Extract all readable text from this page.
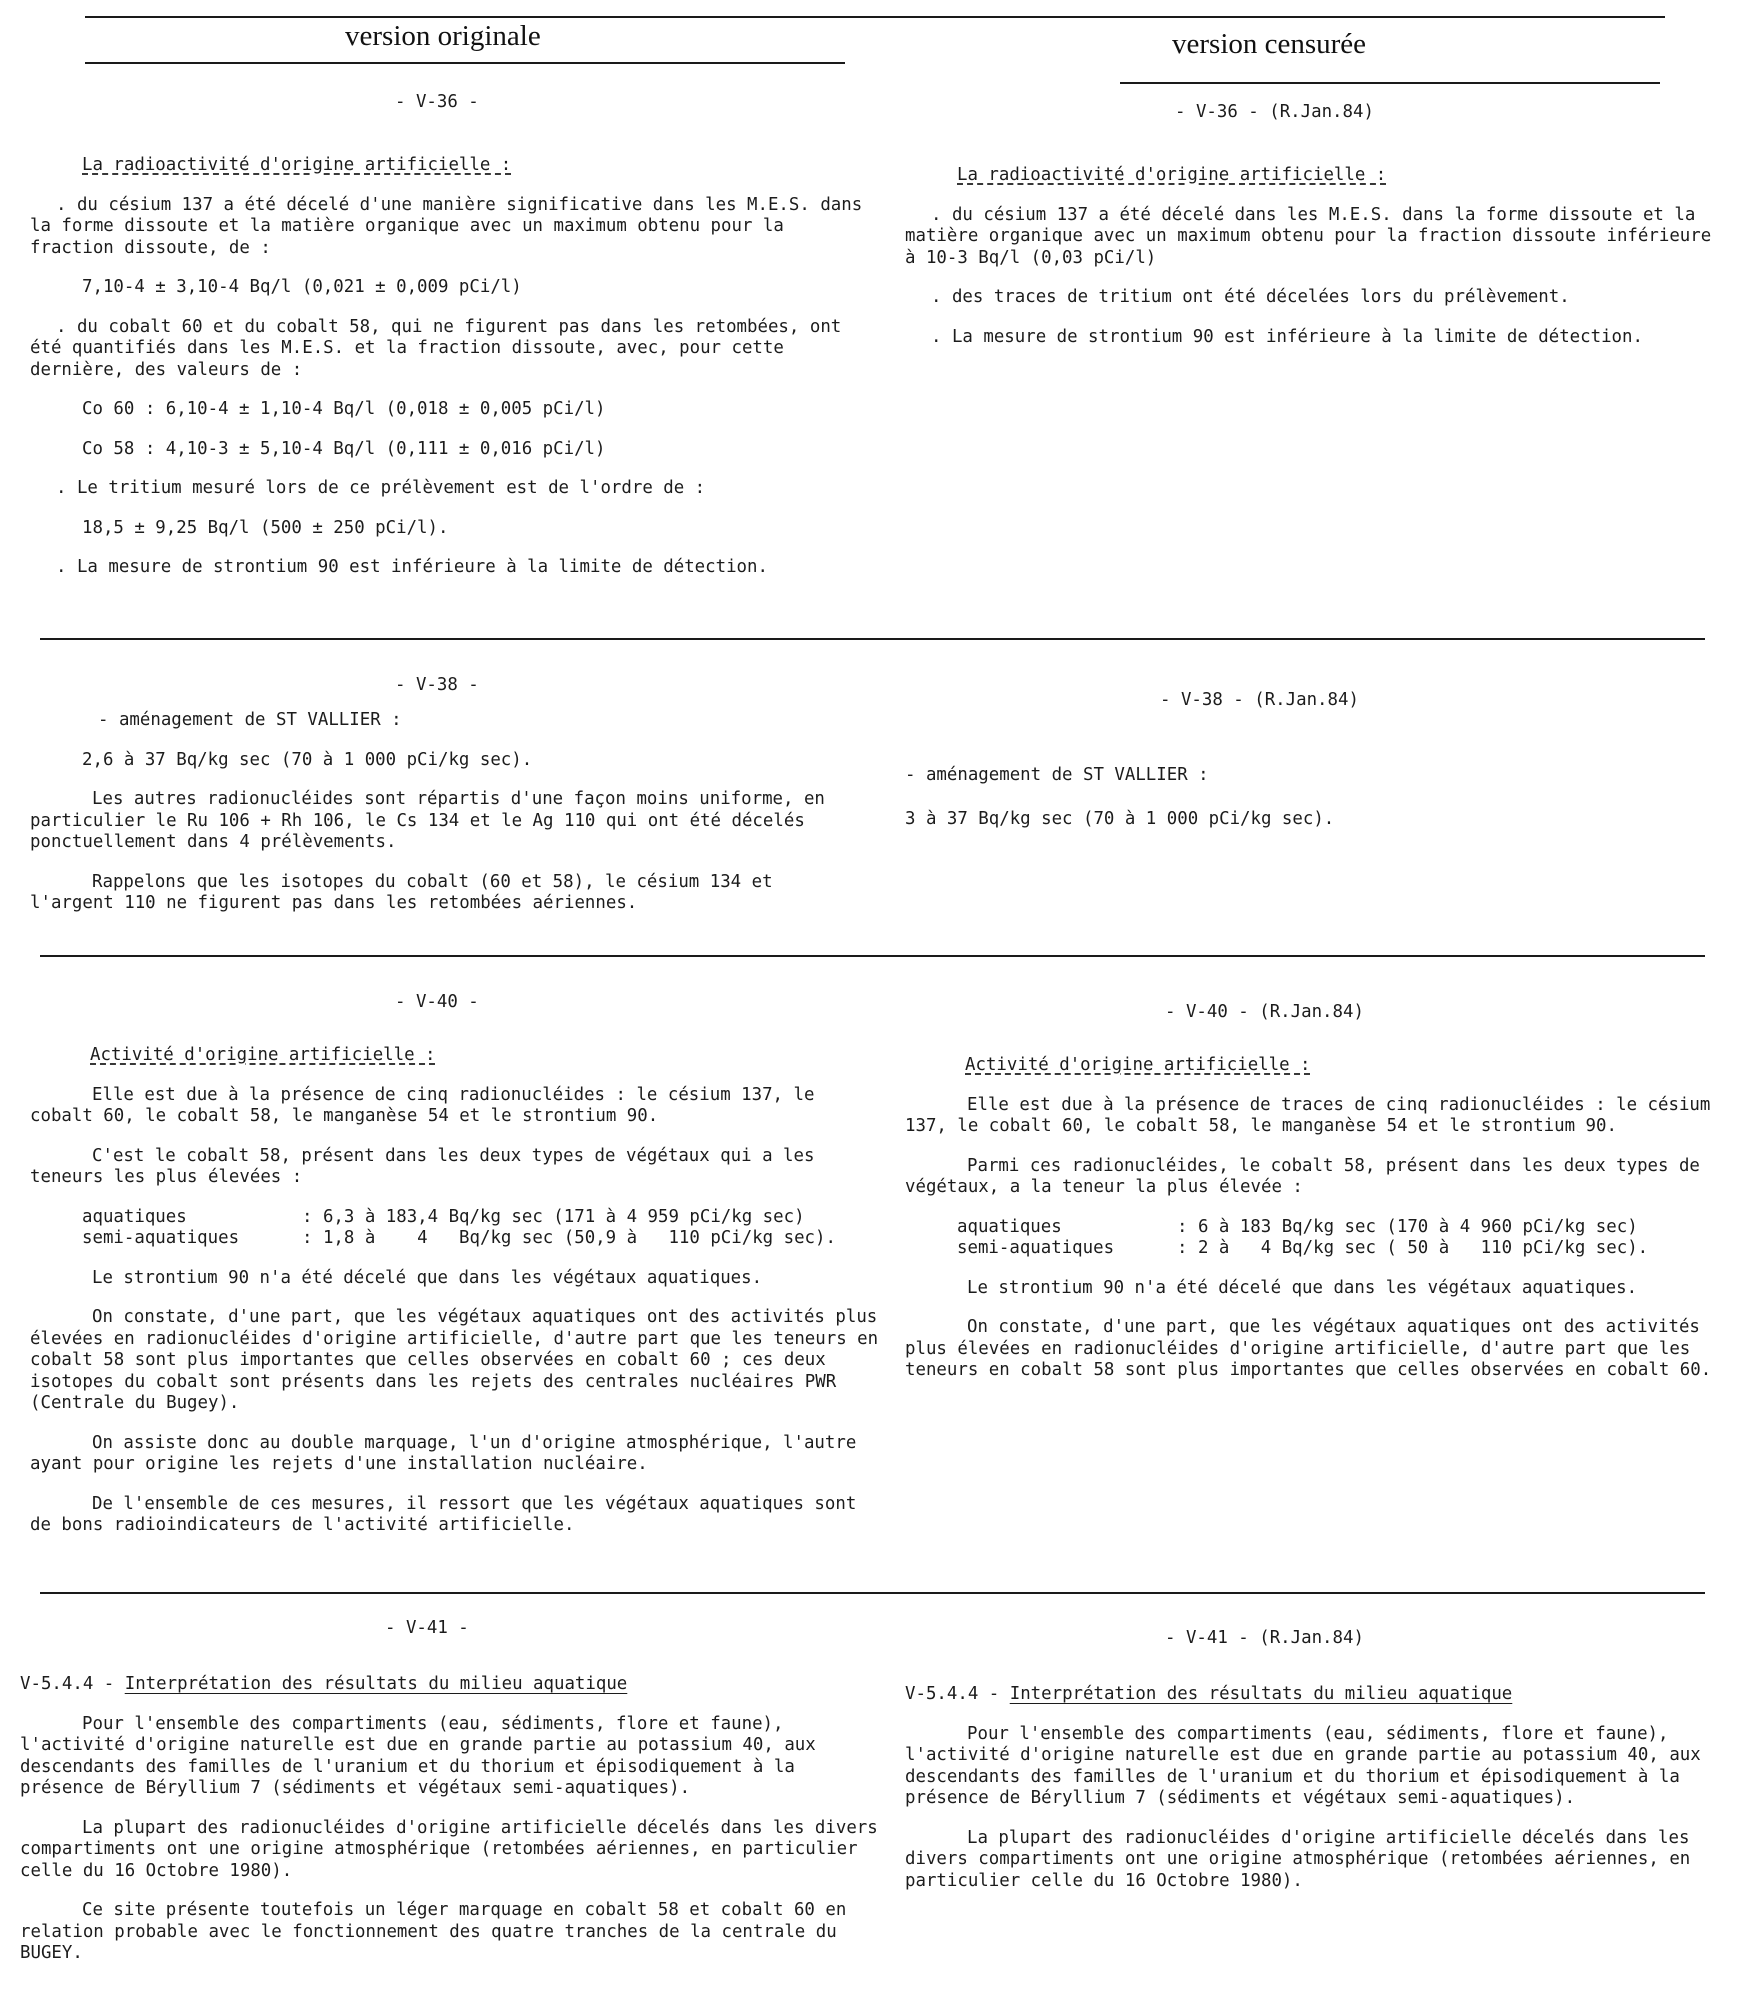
version originale	version censurée
- V-36 -

La radioactivité d'origine artificielle :

. du césium 137 a été décelé d'une manière significative dans les M.E.S. dans la forme dissoute et la matière organique avec un maximum obtenu pour la fraction dissoute, de :

7,10-4 ± 3,10-4 Bq/l (0,021 ± 0,009 pCi/l)

. du cobalt 60 et du cobalt 58, qui ne figurent pas dans les retombées, ont été quantifiés dans les M.E.S. et la fraction dissoute, avec, pour cette dernière, des valeurs de :

Co 60 : 6,10-4 ± 1,10-4 Bq/l (0,018 ± 0,005 pCi/l)

Co 58 : 4,10-3 ± 5,10-4 Bq/l (0,111 ± 0,016 pCi/l)

. Le tritium mesuré lors de ce prélèvement est de l'ordre de :

18,5 ± 9,25 Bq/l (500 ± 250 pCi/l).

. La mesure de strontium 90 est inférieure à la limite de détection.

- V-36 - (R.Jan.84)

La radioactivité d'origine artificielle :

. du césium 137 a été décelé dans les M.E.S. dans la forme dissoute et la matière organique avec un maximum obtenu pour la fraction dissoute inférieure à 10-3 Bq/l (0,03 pCi/l)

. des traces de tritium ont été décelées lors du prélèvement.

. La mesure de strontium 90 est inférieure à la limite de détection.

- V-38 -

- aménagement de ST VALLIER :

2,6 à 37 Bq/kg sec (70 à 1 000 pCi/kg sec).

Les autres radionucléides sont répartis d'une façon moins uniforme, en particulier le Ru 106 + Rh 106, le Cs 134 et le Ag 110 qui ont été décelés ponctuellement dans 4 prélèvements.

Rappelons que les isotopes du cobalt (60 et 58), le césium 134 et l'argent 110 ne figurent pas dans les retombées aériennes.

- V-38 - (R.Jan.84)

- aménagement de ST VALLIER :

3 à 37 Bq/kg sec (70 à 1 000 pCi/kg sec).

- V-40 -

Activité d'origine artificielle :

Elle est due à la présence de cinq radionucléides : le césium 137, le cobalt 60, le cobalt 58, le manganèse 54 et le strontium 90.

C'est le cobalt 58, présent dans les deux types de végétaux qui a les teneurs les plus élevées :

aquatiques	: 6,3 à 183,4 Bq/kg sec (171 à 4 959 pCi/kg sec)
semi-aquatiques	: 1,8 à    4   Bq/kg sec (50,9 à   110 pCi/kg sec).

Le strontium 90 n'a été décelé que dans les végétaux aquatiques.

On constate, d'une part, que les végétaux aquatiques ont des activités plus élevées en radionucléides d'origine artificielle, d'autre part que les teneurs en cobalt 58 sont plus importantes que celles observées en cobalt 60 ; ces deux isotopes du cobalt sont présents dans les rejets des centrales nucléaires PWR (Centrale du Bugey).

On assiste donc au double marquage, l'un d'origine atmosphérique, l'autre ayant pour origine les rejets d'une installation nucléaire.

De l'ensemble de ces mesures, il ressort que les végétaux aquatiques sont de bons radioindicateurs de l'activité artificielle.

- V-40 - (R.Jan.84)

Activité d'origine artificielle :

Elle est due à la présence de traces de cinq radionucléides : le césium 137, le cobalt 60, le cobalt 58, le manganèse 54 et le strontium 90.

Parmi ces radionucléides, le cobalt 58, présent dans les deux types de végétaux, a la teneur la plus élevée :

aquatiques	: 6 à 183 Bq/kg sec (170 à 4 960 pCi/kg sec)
semi-aquatiques	: 2 à   4 Bq/kg sec ( 50 à   110 pCi/kg sec).

Le strontium 90 n'a été décelé que dans les végétaux aquatiques.

On constate, d'une part, que les végétaux aquatiques ont des activités plus élevées en radionucléides d'origine artificielle, d'autre part que les teneurs en cobalt 58 sont plus importantes que celles observées en cobalt 60.

- V-41 -

V-5.4.4 - Interprétation des résultats du milieu aquatique

Pour l'ensemble des compartiments (eau, sédiments, flore et faune), l'activité d'origine naturelle est due en grande partie au potassium 40, aux descendants des familles de l'uranium et du thorium et épisodiquement à la présence de Béryllium 7 (sédiments et végétaux semi-aquatiques).

La plupart des radionucléides d'origine artificielle décelés dans les divers compartiments ont une origine atmosphérique (retombées aériennes, en particulier celle du 16 Octobre 1980).

Ce site présente toutefois un léger marquage en cobalt 58 et cobalt 60 en relation probable avec le fonctionnement des quatre tranches de la centrale du BUGEY.

- V-41 - (R.Jan.84)

V-5.4.4 - Interprétation des résultats du milieu aquatique

Pour l'ensemble des compartiments (eau, sédiments, flore et faune), l'activité d'origine naturelle est due en grande partie au potassium 40, aux descendants des familles de l'uranium et du thorium et épisodiquement à la présence de Béryllium 7 (sédiments et végétaux semi-aquatiques).

La plupart des radionucléides d'origine artificielle décelés dans les divers compartiments ont une origine atmosphérique (retombées aériennes, en particulier celle du 16 Octobre 1980).
